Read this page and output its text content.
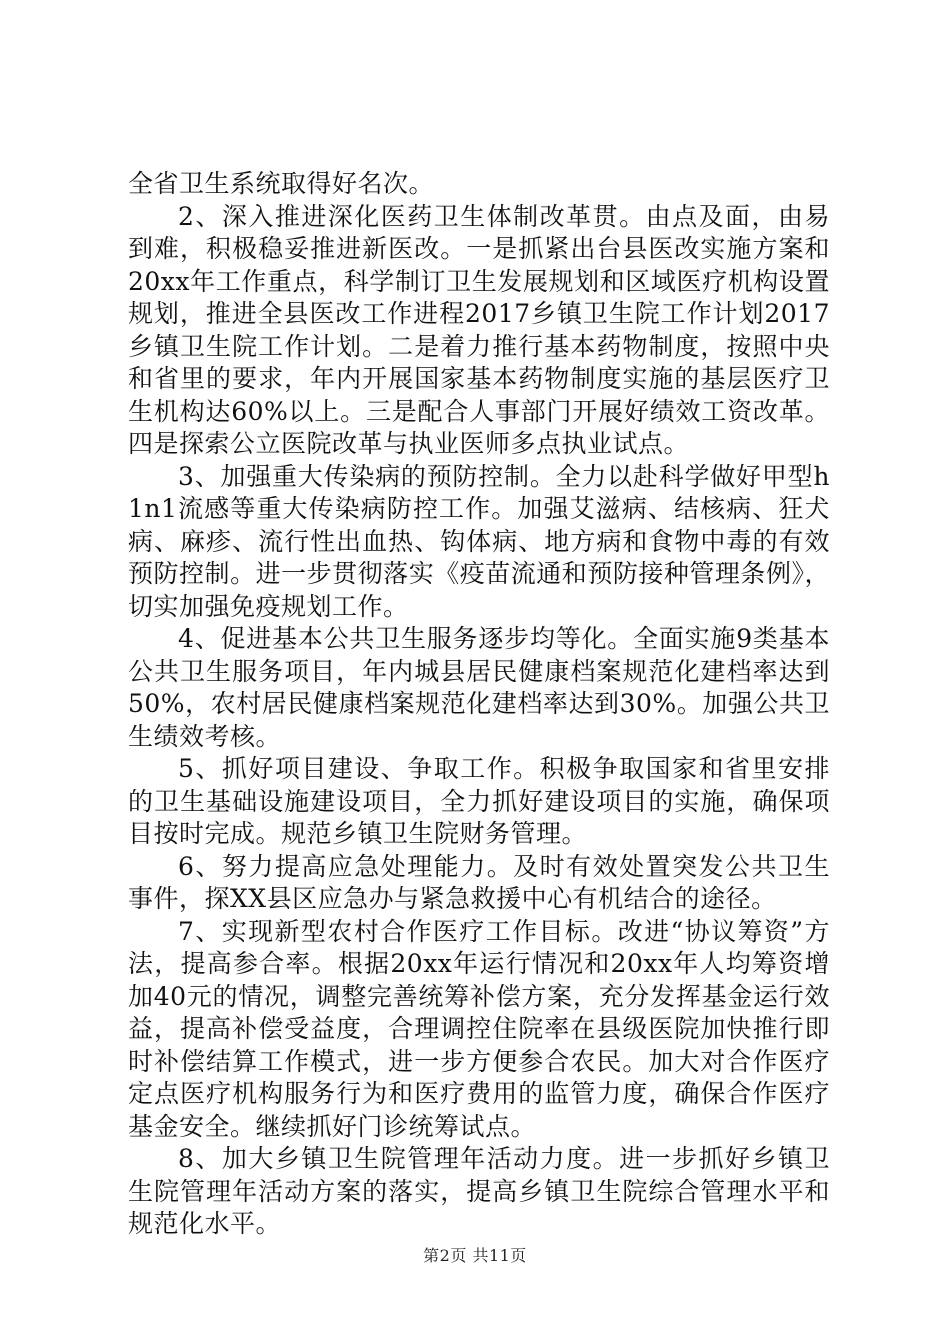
全省卫生系统取得好名次。

2、深入推进深化医药卫生体制改革贯。由点及面，由易到难，积极稳妥推进新医改。一是抓紧出台县医改实施方案和20xx年工作重点，科学制订卫生发展规划和区域医疗机构设置规划，推进全县医改工作进程2017乡镇卫生院工作计划2017乡镇卫生院工作计划。二是着力推行基本药物制度，按照中央和省里的要求，年内开展国家基本药物制度实施的基层医疗卫生机构达60%以上。三是配合人事部门开展好绩效工资改革。四是探索公立医院改革与执业医师多点执业试点。

3、加强重大传染病的预防控制。全力以赴科学做好甲型h1n1流感等重大传染病防控工作。加强艾滋病、结核病、狂犬病、麻疹、流行性出血热、钩体病、地方病和食物中毒的有效预防控制。进一步贯彻落实《疫苗流通和预防接种管理条例》，切实加强免疫规划工作。

4、促进基本公共卫生服务逐步均等化。全面实施9类基本公共卫生服务项目，年内城县居民健康档案规范化建档率达到50%，农村居民健康档案规范化建档率达到30%。加强公共卫生绩效考核。

5、抓好项目建设、争取工作。积极争取国家和省里安排的卫生基础设施建设项目，全力抓好建设项目的实施，确保项目按时完成。规范乡镇卫生院财务管理。

6、努力提高应急处理能力。及时有效处置突发公共卫生事件，探XX县区应急办与紧急救援中心有机结合的途径。

7、实现新型农村合作医疗工作目标。改进“协议筹资”方法，提高参合率。根据20xx年运行情况和20xx年人均筹资增加40元的情况，调整完善统筹补偿方案，充分发挥基金运行效益，提高补偿受益度，合理调控住院率在县级医院加快推行即时补偿结算工作模式，进一步方便参合农民。加大对合作医疗定点医疗机构服务行为和医疗费用的监管力度，确保合作医疗基金安全。继续抓好门诊统筹试点。

8、加大乡镇卫生院管理年活动力度。进一步抓好乡镇卫生院管理年活动方案的落实，提高乡镇卫生院综合管理水平和规范化水平。

第2页 共11页
